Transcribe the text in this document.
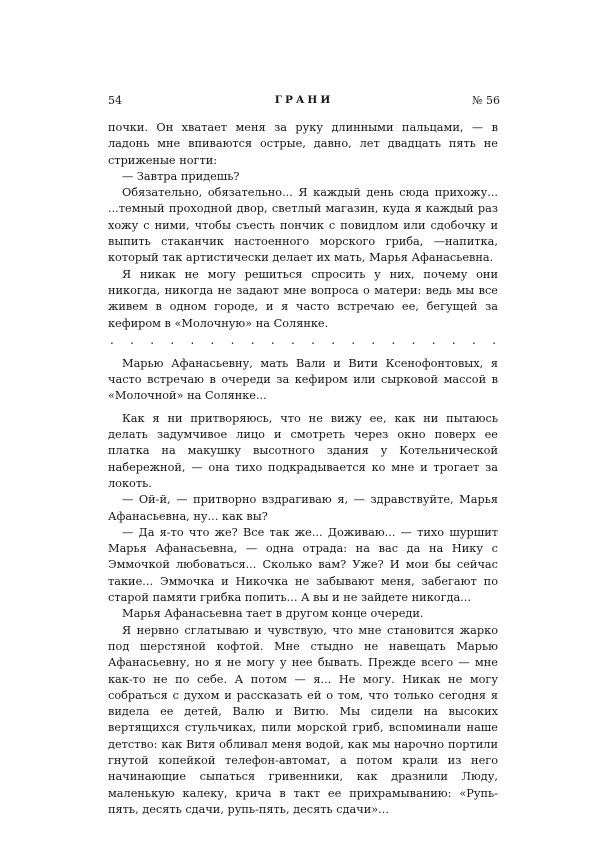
54	ГРАНИ	№ 56

почки. Он хватает меня за руку длинными пальцами, — в ладонь мне впиваются острые, давно, лет двадцать пять не стриженые ногти:

— Завтра придешь?

Обязательно, обязательно... Я каждый день сюда прихожу... ...темный проходной двор, светлый магазин, куда я каждый раз хожу с ними, чтобы съесть пончик с повидлом или сдобочку и выпить стаканчик настоенного морского гриба, —напитка, который так артистически делает их мать, Марья Афанасьевна.

Я никак не могу решиться спросить у них, почему они никогда, никогда не задают мне вопроса о матери: ведь мы все живем в одном городе, и я часто встречаю ее, бегущей за кефиром в «Молочную» на Солянке.

. . . . . . . . . . . . . . . . . . . .

Марью Афанасьевну, мать Вали и Вити Ксенофонтовых, я часто встречаю в очереди за кефиром или сырковой массой в «Молочной» на Солянке...

Как я ни притворяюсь, что не вижу ее, как ни пытаюсь делать задумчивое лицо и смотреть через окно поверх ее платка на макушку высотного здания у Котельнической набережной, — она тихо подкрадывается ко мне и трогает за локоть.

— Ой-й, — притворно вздрагиваю я, — здравствуйте, Марья Афанасьевна, ну... как вы?

— Да я-то что же? Все так же... Доживаю... — тихо шуршит Марья Афанасьевна, — одна отрада: на вас да на Нику с Эммочкой любоваться... Сколько вам? Уже? И мои бы сейчас такие... Эммочка и Никочка не забывают меня, забегают по старой памяти грибка попить... А вы и не зайдете никогда...

Марья Афанасьевна тает в другом конце очереди.

Я нервно сглатываю и чувствую, что мне становится жарко под шерстяной кофтой. Мне стыдно не навещать Марью Афанасьевну, но я не могу у нее бывать. Прежде всего — мне как-то не по себе. А потом — я... Не могу. Никак не могу собраться с духом и рассказать ей о том, что только сегодня я видела ее детей, Валю и Витю. Мы сидели на высоких вертящихся стульчиках, пили морской гриб, вспоминали наше детство: как Витя обливал меня водой, как мы нарочно портили гнутой копейкой телефон-автомат, а потом крали из него начинающие сыпаться гривенники, как дразнили Люду, маленькую калеку, крича в такт ее прихрамыванию: «Рупь-пять, десять сдачи, рупь-пять, десять сдачи»...
